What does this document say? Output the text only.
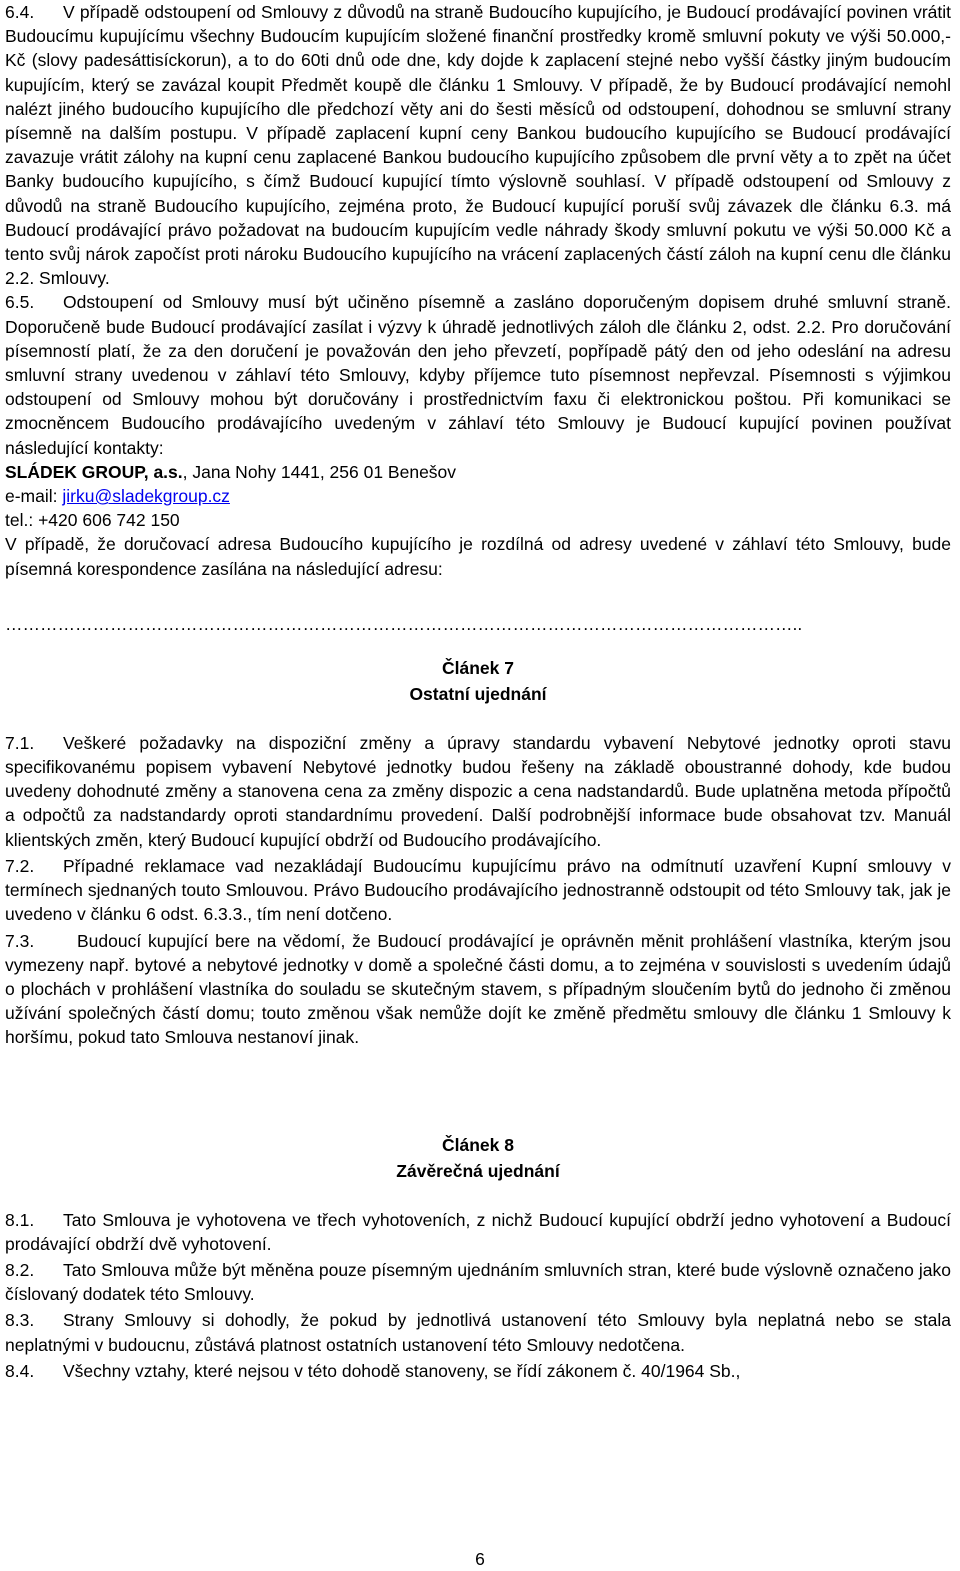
6.4. V případě odstoupení od Smlouvy z důvodů na straně Budoucího kupujícího, je Budoucí prodávající povinen vrátit Budoucímu kupujícímu všechny Budoucím kupujícím složené finanční prostředky kromě smluvní pokuty ve výši 50.000,- Kč (slovy padesáttisíckorun), a to do 60ti dnů ode dne, kdy dojde k zaplacení stejné nebo vyšší částky jiným budoucím kupujícím, který se zavázal koupit Předmět koupě dle článku 1 Smlouvy. V případě, že by Budoucí prodávající nemohl nalézt jiného budoucího kupujícího dle předchozí věty ani do šesti měsíců od odstoupení, dohodnou se smluvní strany písemně na dalším postupu. V případě zaplacení kupní ceny Bankou budoucího kupujícího se Budoucí prodávající zavazuje vrátit zálohy na kupní cenu zaplacené Bankou budoucího kupujícího způsobem dle první věty a to zpět na účet Banky budoucího kupujícího, s čímž Budoucí kupující tímto výslovně souhlasí. V případě odstoupení od Smlouvy z důvodů na straně Budoucího kupujícího, zejména proto, že Budoucí kupující poruší svůj závazek dle článku 6.3. má Budoucí prodávající právo požadovat na budoucím kupujícím vedle náhrady škody smluvní pokutu ve výši 50.000 Kč a tento svůj nárok započíst proti nároku Budoucího kupujícího na vrácení zaplacených částí záloh na kupní cenu dle článku 2.2. Smlouvy.

6.5. Odstoupení od Smlouvy musí být učiněno písemně a zasláno doporučeným dopisem druhé smluvní straně. Doporučeně bude Budoucí prodávající zasílat i výzvy k úhradě jednotlivých záloh dle článku 2, odst. 2.2. Pro doručování písemností platí, že za den doručení je považován den jeho převzetí, popřípadě pátý den od jeho odeslání na adresu smluvní strany uvedenou v záhlaví této Smlouvy, kdyby příjemce tuto písemnost nepřevzal. Písemnosti s výjimkou odstoupení od Smlouvy mohou být doručovány i prostřednictvím faxu či elektronickou poštou. Při komunikaci se zmocněncem Budoucího prodávajícího uvedeným v záhlaví této Smlouvy je Budoucí kupující povinen používat následující kontakty:

SLÁDEK GROUP, a.s., Jana Nohy 1441, 256 01 Benešov

e-mail: jirku@sladekgroup.cz

tel.: +420 606 742 150

V případě, že doručovací adresa Budoucího kupujícího je rozdílná od adresy uvedené v záhlaví této Smlouvy, bude písemná korespondence zasílána na následující adresu:

………………………………………………………………………………………………………………………..

Článek 7
Ostatní ujednání

7.1. Veškeré požadavky na dispoziční změny a úpravy standardu vybavení Nebytové jednotky oproti stavu specifikovanému popisem vybavení Nebytové jednotky budou řešeny na základě oboustranné dohody, kde budou uvedeny dohodnuté změny a stanovena cena za změny dispozic a cena nadstandardů. Bude uplatněna metoda přípočtů a odpočtů za nadstandardy oproti standardnímu provedení. Další podrobnější informace bude obsahovat tzv. Manuál klientských změn, který Budoucí kupující obdrží od Budoucího prodávajícího.

7.2. Případné reklamace vad nezakládají Budoucímu kupujícímu právo na odmítnutí uzavření Kupní smlouvy v termínech sjednaných touto Smlouvou. Právo Budoucího prodávajícího jednostranně odstoupit od této Smlouvy tak, jak je uvedeno v článku 6 odst. 6.3.3., tím není dotčeno.

7.3. Budoucí kupující bere na vědomí, že Budoucí prodávající je oprávněn měnit prohlášení vlastníka, kterým jsou vymezeny např. bytové a nebytové jednotky v domě a společné části domu, a to zejména v souvislosti s uvedením údajů o plochách v prohlášení vlastníka do souladu se skutečným stavem, s případným sloučením bytů do jednoho či změnou užívání společných částí domu; touto změnou však nemůže dojít ke změně předmětu smlouvy dle článku 1 Smlouvy k horšímu, pokud tato Smlouva nestanoví jinak.

Článek 8
Závěrečná ujednání

8.1. Tato Smlouva je vyhotovena ve třech vyhotoveních, z nichž Budoucí kupující obdrží jedno vyhotovení a Budoucí prodávající obdrží dvě vyhotovení.

8.2. Tato Smlouva může být měněna pouze písemným ujednáním smluvních stran, které bude výslovně označeno jako číslovaný dodatek této Smlouvy.

8.3. Strany Smlouvy si dohodly, že pokud by jednotlivá ustanovení této Smlouvy byla neplatná nebo se stala neplatnými v budoucnu, zůstává platnost ostatních ustanovení této Smlouvy nedotčena.

8.4. Všechny vztahy, které nejsou v této dohodě stanoveny, se řídí zákonem č. 40/1964 Sb.,

6
